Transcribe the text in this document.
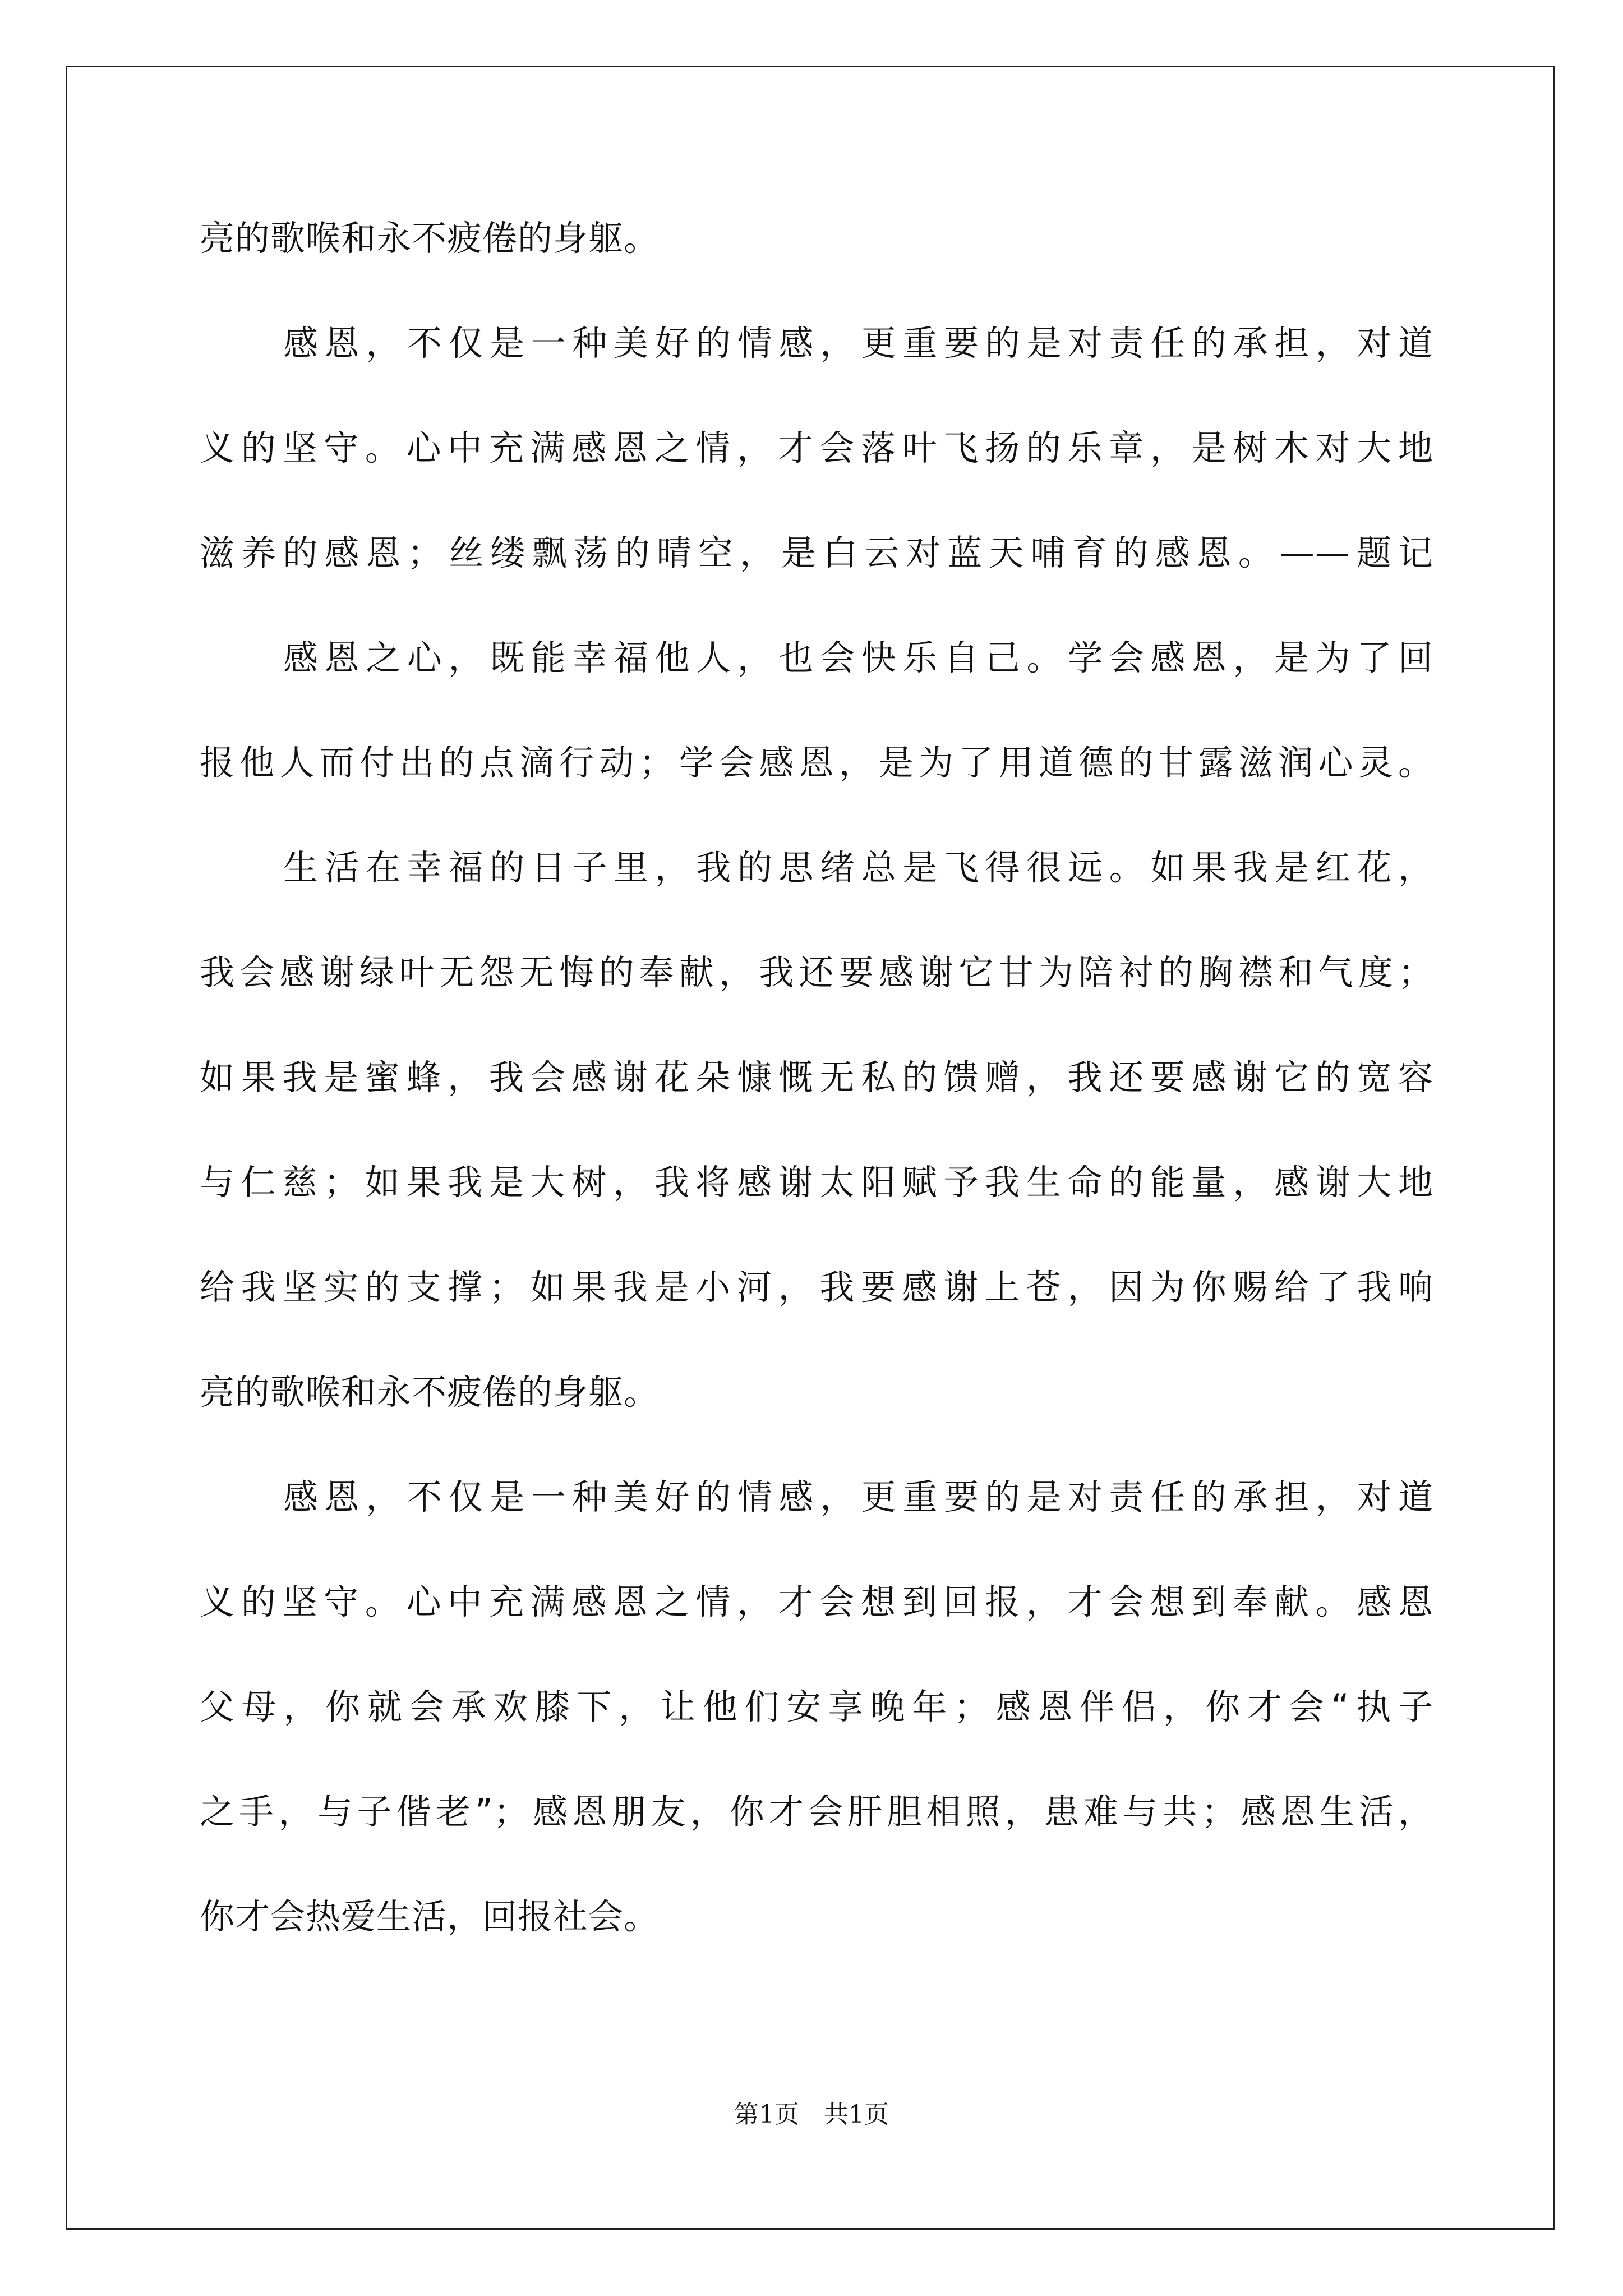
亮的歌喉和永不疲倦的身躯。
感恩，不仅是一种美好的情感，更重要的是对责任的承担，对道
义的坚守。心中充满感恩之情，才会落叶飞扬的乐章，是树木对大地
滋养的感恩；丝缕飘荡的晴空，是白云对蓝天哺育的感恩。——题记
感恩之心，既能幸福他人，也会快乐自己。学会感恩，是为了回
报他人而付出的点滴行动；学会感恩，是为了用道德的甘露滋润心灵。
生活在幸福的日子里，我的思绪总是飞得很远。如果我是红花，
我会感谢绿叶无怨无悔的奉献，我还要感谢它甘为陪衬的胸襟和气度；
如果我是蜜蜂，我会感谢花朵慷慨无私的馈赠，我还要感谢它的宽容
与仁慈；如果我是大树，我将感谢太阳赋予我生命的能量，感谢大地
给我坚实的支撑；如果我是小河，我要感谢上苍，因为你赐给了我响
亮的歌喉和永不疲倦的身躯。
感恩，不仅是一种美好的情感，更重要的是对责任的承担，对道
义的坚守。心中充满感恩之情，才会想到回报，才会想到奉献。感恩
父母，你就会承欢膝下，让他们安享晚年；感恩伴侣，你才会“执子
之手，与子偕老”；感恩朋友，你才会肝胆相照，患难与共；感恩生活，
你才会热爱生活，回报社会。
第1页　共1页
